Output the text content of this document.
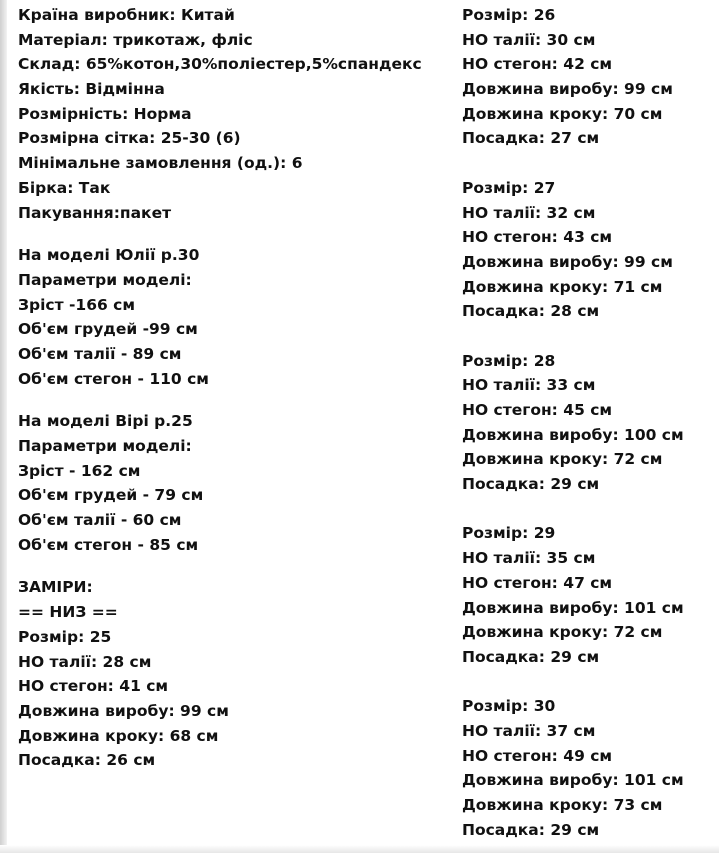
Країна виробник: Китай
Матеріал: трикотаж, фліс
Склад: 65%котон,30%поліестер,5%спандекс
Якість: Відмінна
Розмірність: Норма
Розмірна сітка: 25-30 (6)
Мінімальне замовлення (од.): 6
Бірка: Так
Пакування:пакет
На моделі Юлії р.30
Параметри моделі:
Зріст -166 см
Об'єм грудей -99 см
Об'єм талії - 89 см
Об'єм стегон - 110 см
На моделі Вірі р.25
Параметри моделі:
Зріст - 162 см
Об'єм грудей - 79 см
Об'єм талії - 60 см
Об'єм стегон - 85 см
ЗАМІРИ:
== НИЗ ==
Розмір: 25
НО талії: 28 см
НО стегон: 41 см
Довжина виробу: 99 см
Довжина кроку: 68 см
Посадка: 26 см
Розмір: 26
НО талії: 30 см
НО стегон: 42 см
Довжина виробу: 99 см
Довжина кроку: 70 см
Посадка: 27 см
Розмір: 27
НО талії: 32 см
НО стегон: 43 см
Довжина виробу: 99 см
Довжина кроку: 71 см
Посадка: 28 см
Розмір: 28
НО талії: 33 см
НО стегон: 45 см
Довжина виробу: 100 см
Довжина кроку: 72 см
Посадка: 29 см
Розмір: 29
НО талії: 35 см
НО стегон: 47 см
Довжина виробу: 101 см
Довжина кроку: 72 см
Посадка: 29 см
Розмір: 30
НО талії: 37 см
НО стегон: 49 см
Довжина виробу: 101 см
Довжина кроку: 73 см
Посадка: 29 см
